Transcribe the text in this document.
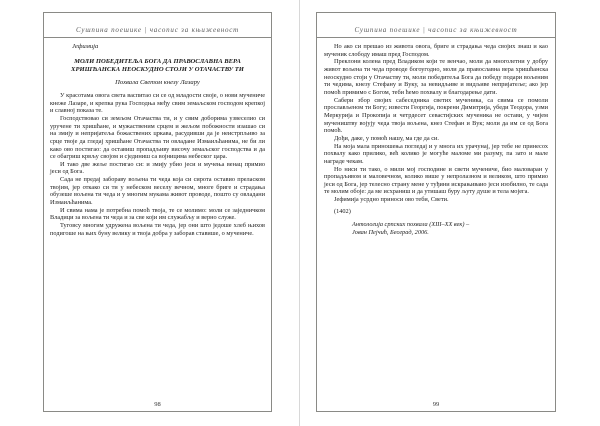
Сушпина поешике | часопис за књижевност
Јефимија
МОЛИ ПОБЕДИТЕЉА БОГА ДА ПРАВОСЛАВНА ВЕРА
ХРИШЋАНСКА НЕОСКУДНО СТОЈИ У ОТАЧАСТВУ ТИ
Похвала Светом кнезу Лазару

У красотама овога света васпитао си се од младости своје, о нови мучениче кнеже Лазаре, и крепка рука Господња међу свим земаљском господом крепкој и славној показа те.

Господствовао си земљом Отачаства ти, и у свим доборима узвеселио си уручене ти хришћане, и мужаственим срцем и жељом побожности изашао си на змију и непријатеља божаствених цркава, расудивши да је неистрпљиво за срце твоје да гледај хришћане Отачаства ти овладане Измаиљћанима, не би ли како ово постигао: да оставиш пропадљиву височу земаљског господства и да се обагриш крвљу својом и сјединиш са војницима небеског цара.

И тако две жеље постигао си: и змију убио јеси и мучења венац примио јеси од Бога.

Сада не предај забораву вољена ти чеда која си сирота оставио преласком твојим, јер откако си ти у небеском веселу вечном, многе бриге и страдања обузеше вољена ти чеда и у многим мукама живот проводе, пошто су овладани Измаиљћанима.

И свима нама је потребна помоћ твоја, те се молимо: моли се заједничком Владици за вољена ти чеда и за све који им служабљу и верно служе.

Туговсу многим удружена вољена ти чеда, јер они што једоше хлеб њихов подигоше на њих буну велику и твоја добра у заборав ставише, о мучениче.

98
Сушпина поешике | часопис за књижевност

Но ако си прешао из живота овога, бриге и страдања чеда својих знаш и као мученик слободу имаш пред Господом.

Преклони колена пред Владиком који те венчао, моли да многолетни у добру живот вољена ти чеда проводе богоугодно, моли да православна вера хришћанска неоскудно стоји у Отачаству ти, моли победитеља Бога да победу подари вољеним ти чедима, кнезу Стефану и Вуку, за невидљиве и видљиве непријатеље; ако јер помоћ примимо с Богом, теби ћемо похвалу и благодарење дати.

Сабери збор својих сабеседника светих мученика, са свима се помоли прослављеном ти Богу; извести Георгија, покрени Димитрија, убеди Теодора, узми Меркурија и Прокопија и четрдесет севастијских мученика не остави, у чијем мучеништву војују чеда твоја вољена, кнез Стефан и Вук; моли да им се од Бога помоћ.

Дођи, даке, у помоћ нашу, ма где да си.

На моја мала приношења погледај и у многа их урачунај, јер тебе не принесох похвалу како прилико, већ колико је могуће маломе ми разуму, па зато и мале награде чекам.

Но ниси ти тако, о мили мој господине и свети мучениче, био маловаран у пропадљивом и маловечном, колико више у непролазном и великом, што примио јеси од Бога, јер телесно страну мене у туђини искрањиваио јеси изобилно, те сада те молим обоје: да ме исхраниш и да утишаш буру љуту душе и тела мојега.

Јефимија усрдно приноси ово теби, Свети.

(1402)
Антологија српских похвала (XIII–XX век) –
Јован Пејчић, Београд, 2006.
99
